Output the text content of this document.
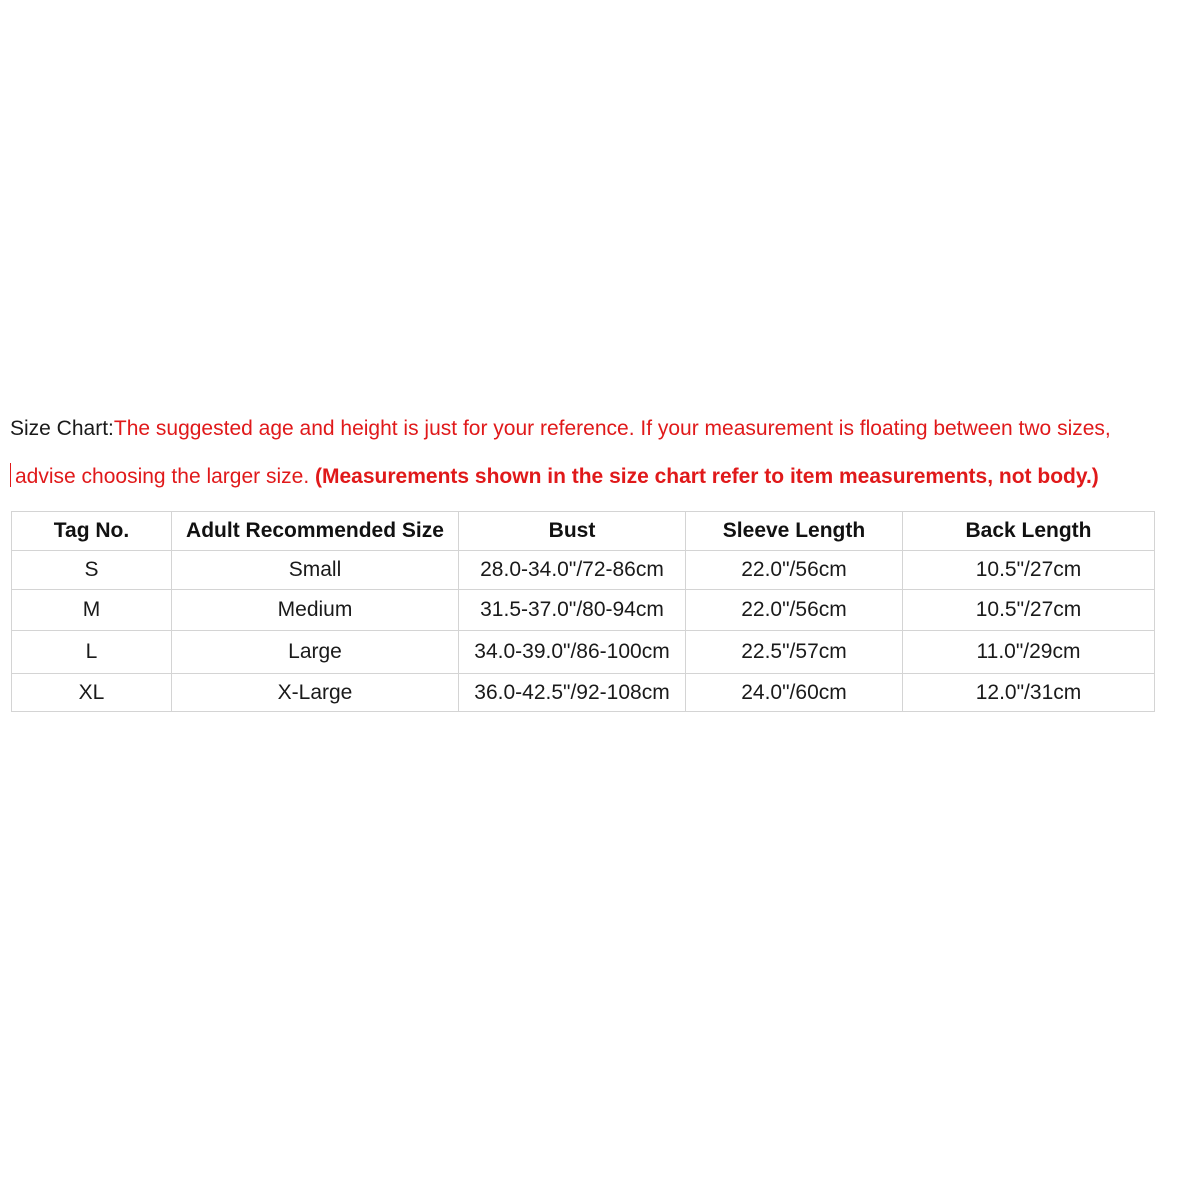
Size Chart:The suggested age and height is just for your reference. If your measurement is floating between two sizes,
advise choosing the larger size. (Measurements shown in the size chart refer to item measurements, not body.)
Tag No.	Adult Recommended Size	Bust	Sleeve Length	Back Length
S	Small	28.0-34.0"/72-86cm	22.0"/56cm	10.5"/27cm
M	Medium	31.5-37.0"/80-94cm	22.0"/56cm	10.5"/27cm
L	Large	34.0-39.0"/86-100cm	22.5"/57cm	11.0"/29cm
XL	X-Large	36.0-42.5"/92-108cm	24.0"/60cm	12.0"/31cm
